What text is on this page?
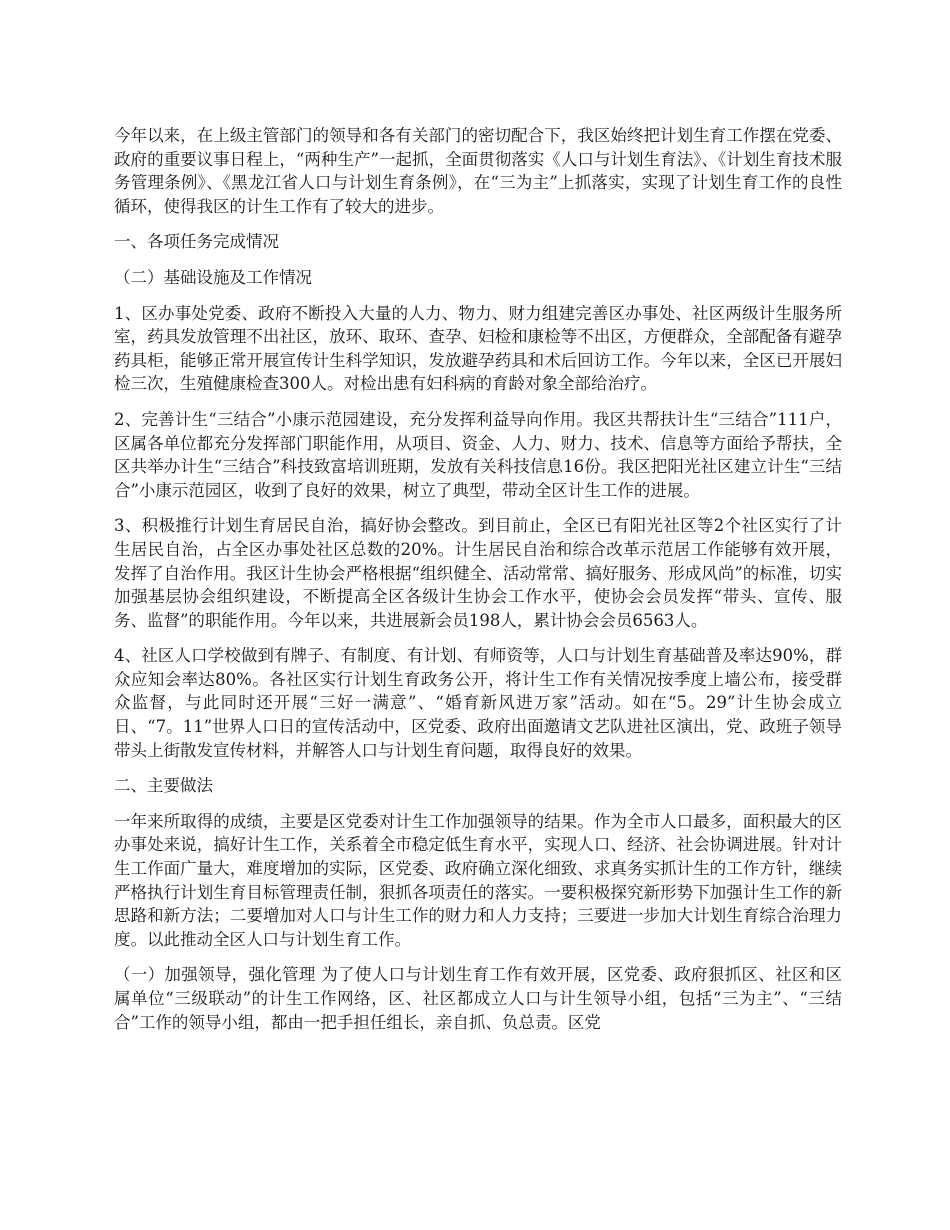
今年以来，在上级主管部门的领导和各有关部门的密切配合下，我区始终把计划生育工作摆在党委、政府的重要议事日程上，“两种生产”一起抓，全面贯彻落实《人口与计划生育法》、《计划生育技术服务管理条例》、《黑龙江省人口与计划生育条例》，在“三为主”上抓落实，实现了计划生育工作的良性循环，使得我区的计生工作有了较大的进步。

一、各项任务完成情况

（二）基础设施及工作情况

1、区办事处党委、政府不断投入大量的人力、物力、财力组建完善区办事处、社区两级计生服务所室，药具发放管理不出社区，放环、取环、查孕、妇检和康检等不出区，方便群众，全部配备有避孕药具柜，能够正常开展宣传计生科学知识，发放避孕药具和术后回访工作。今年以来，全区已开展妇检三次，生殖健康检查300人。对检出患有妇科病的育龄对象全部给治疗。

2、完善计生“三结合”小康示范园建设，充分发挥利益导向作用。我区共帮扶计生“三结合”111户，区属各单位都充分发挥部门职能作用，从项目、资金、人力、财力、技术、信息等方面给予帮扶，全区共举办计生“三结合”科技致富培训班期，发放有关科技信息16份。我区把阳光社区建立计生“三结合”小康示范园区，收到了良好的效果，树立了典型，带动全区计生工作的进展。

3、积极推行计划生育居民自治，搞好协会整改。到目前止，全区已有阳光社区等2个社区实行了计生居民自治，占全区办事处社区总数的20%。计生居民自治和综合改革示范居工作能够有效开展，发挥了自治作用。我区计生协会严格根据“组织健全、活动常常、搞好服务、形成风尚”的标准，切实加强基层协会组织建设，不断提高全区各级计生协会工作水平，使协会会员发挥“带头、宣传、服务、监督”的职能作用。今年以来，共进展新会员198人，累计协会会员6563人。

4、社区人口学校做到有牌子、有制度、有计划、有师资等，人口与计划生育基础普及率达90%，群众应知会率达80%。各社区实行计划生育政务公开，将计生工作有关情况按季度上墙公布，接受群众监督，与此同时还开展“三好一满意”、“婚育新风进万家”活动。如在“5。29”计生协会成立日、“7。11”世界人口日的宣传活动中，区党委、政府出面邀请文艺队进社区演出，党、政班子领导带头上街散发宣传材料，并解答人口与计划生育问题，取得良好的效果。

二、主要做法

一年来所取得的成绩，主要是区党委对计生工作加强领导的结果。作为全市人口最多，面积最大的区办事处来说，搞好计生工作，关系着全市稳定低生育水平，实现人口、经济、社会协调进展。针对计生工作面广量大，难度增加的实际，区党委、政府确立深化细致、求真务实抓计生的工作方针，继续严格执行计划生育目标管理责任制，狠抓各项责任的落实。一要积极探究新形势下加强计生工作的新思路和新方法；二要增加对人口与计生工作的财力和人力支持；三要进一步加大计划生育综合治理力度。以此推动全区人口与计划生育工作。

（一）加强领导，强化管理 为了使人口与计划生育工作有效开展，区党委、政府狠抓区、社区和区属单位“三级联动”的计生工作网络，区、社区都成立人口与计生领导小组，包括“三为主”、“三结合”工作的领导小组，都由一把手担任组长，亲自抓、负总责。区党
